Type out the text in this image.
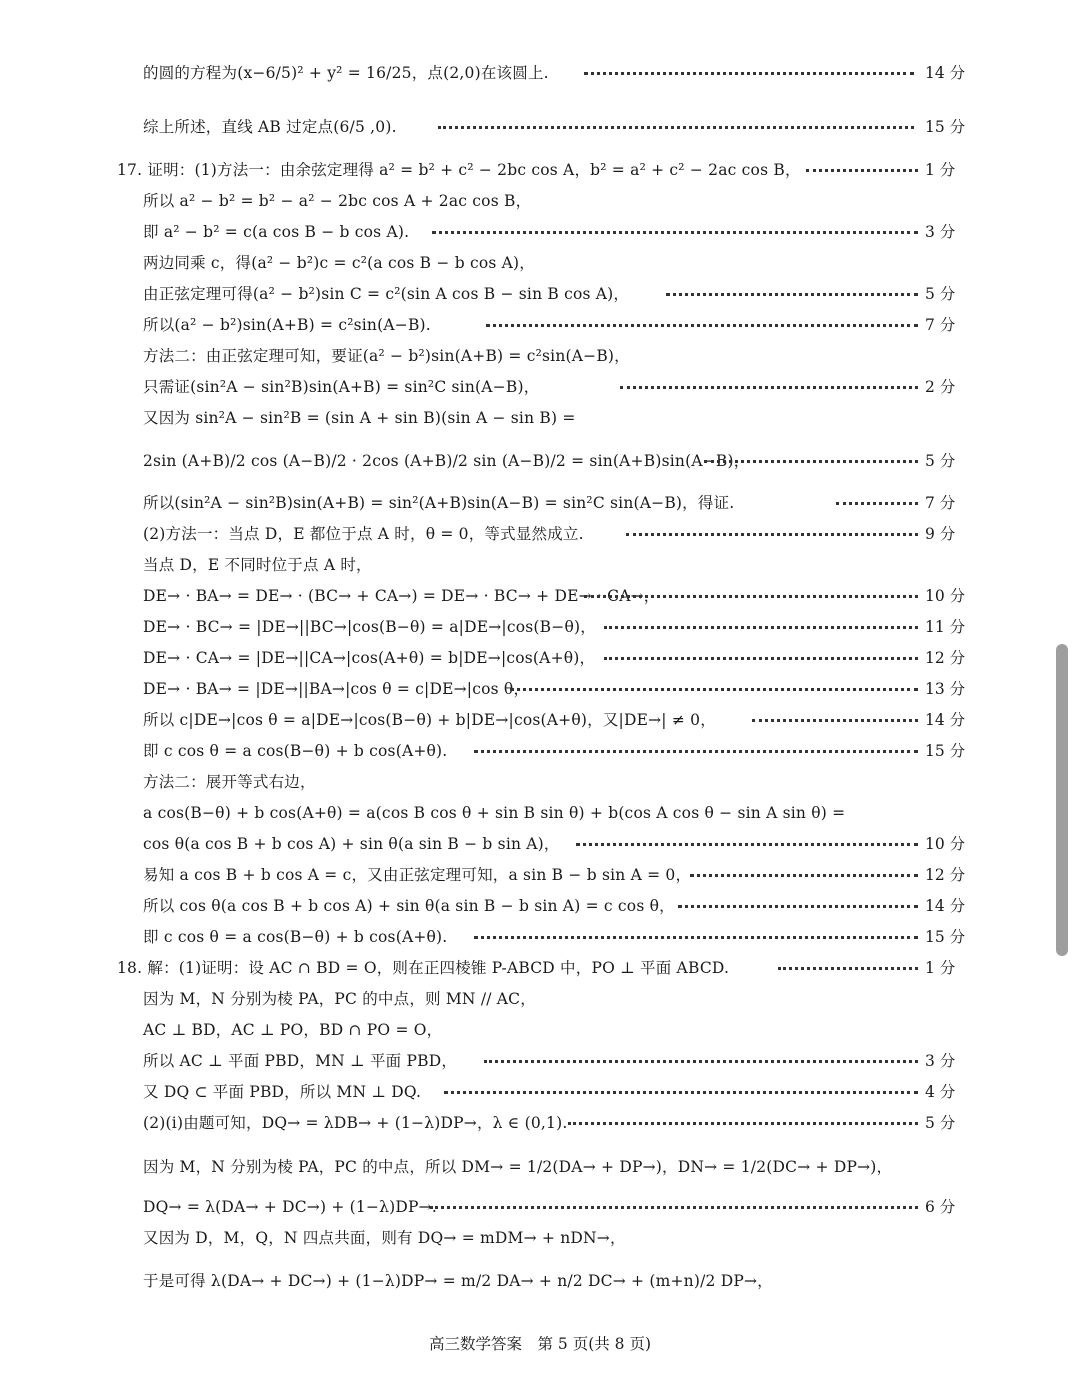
的圆的方程为(x−6/5)² + y² = 16/25，点(2,0)在该圆上.	14 分
综上所述，直线 AB 过定点(6/5 ,0).	15 分
17. 证明：(1)方法一：由余弦定理得 a² = b² + c² − 2bc cos A，b² = a² + c² − 2ac cos B，	1 分
所以 a² − b² = b² − a² − 2bc cos A + 2ac cos B，
即 a² − b² = c(a cos B − b cos A).	3 分
两边同乘 c，得(a² − b²)c = c²(a cos B − b cos A)，
由正弦定理可得(a² − b²)sin C = c²(sin A cos B − sin B cos A)，	5 分
所以(a² − b²)sin(A+B) = c²sin(A−B).	7 分
方法二：由正弦定理可知，要证(a² − b²)sin(A+B) = c²sin(A−B)，
只需证(sin²A − sin²B)sin(A+B) = sin²C sin(A−B)，	2 分
又因为 sin²A − sin²B = (sin A + sin B)(sin A − sin B) =
2sin (A+B)/2 cos (A−B)/2 · 2cos (A+B)/2 sin (A−B)/2 = sin(A+B)sin(A−B)，	5 分
所以(sin²A − sin²B)sin(A+B) = sin²(A+B)sin(A−B) = sin²C sin(A−B)，得证.	7 分
(2)方法一：当点 D，E 都位于点 A 时，θ = 0，等式显然成立.	9 分
当点 D，E 不同时位于点 A 时，
DE→ · BA→ = DE→ · (BC→ + CA→) = DE→ · BC→ + DE→ · CA→，	10 分
DE→ · BC→ = |DE→||BC→|cos(B−θ) = a|DE→|cos(B−θ)，	11 分
DE→ · CA→ = |DE→||CA→|cos(A+θ) = b|DE→|cos(A+θ)，	12 分
DE→ · BA→ = |DE→||BA→|cos θ = c|DE→|cos θ，	13 分
所以 c|DE→|cos θ = a|DE→|cos(B−θ) + b|DE→|cos(A+θ)，又|DE→| ≠ 0，	14 分
即 c cos θ = a cos(B−θ) + b cos(A+θ).	15 分
方法二：展开等式右边，
a cos(B−θ) + b cos(A+θ) = a(cos B cos θ + sin B sin θ) + b(cos A cos θ − sin A sin θ) =
cos θ(a cos B + b cos A) + sin θ(a sin B − b sin A)，	10 分
易知 a cos B + b cos A = c，又由正弦定理可知，a sin B − b sin A = 0，	12 分
所以 cos θ(a cos B + b cos A) + sin θ(a sin B − b sin A) = c cos θ，	14 分
即 c cos θ = a cos(B−θ) + b cos(A+θ).	15 分
18. 解：(1)证明：设 AC ∩ BD = O，则在正四棱锥 P-ABCD 中，PO ⊥ 平面 ABCD.	1 分
因为 M，N 分别为棱 PA，PC 的中点，则 MN // AC，
AC ⊥ BD，AC ⊥ PO，BD ∩ PO = O，
所以 AC ⊥ 平面 PBD，MN ⊥ 平面 PBD，	3 分
又 DQ ⊂ 平面 PBD，所以 MN ⊥ DQ.	4 分
(2)(i)由题可知，DQ→ = λDB→ + (1−λ)DP→，λ ∈ (0,1).	5 分
因为 M，N 分别为棱 PA，PC 的中点，所以 DM→ = 1/2(DA→ + DP→)，DN→ = 1/2(DC→ + DP→)，
DQ→ = λ(DA→ + DC→) + (1−λ)DP→.	6 分
又因为 D，M，Q，N 四点共面，则有 DQ→ = mDM→ + nDN→，
于是可得 λ(DA→ + DC→) + (1−λ)DP→ = m/2 DA→ + n/2 DC→ + (m+n)/2 DP→，
高三数学答案　第 5 页(共 8 页)
